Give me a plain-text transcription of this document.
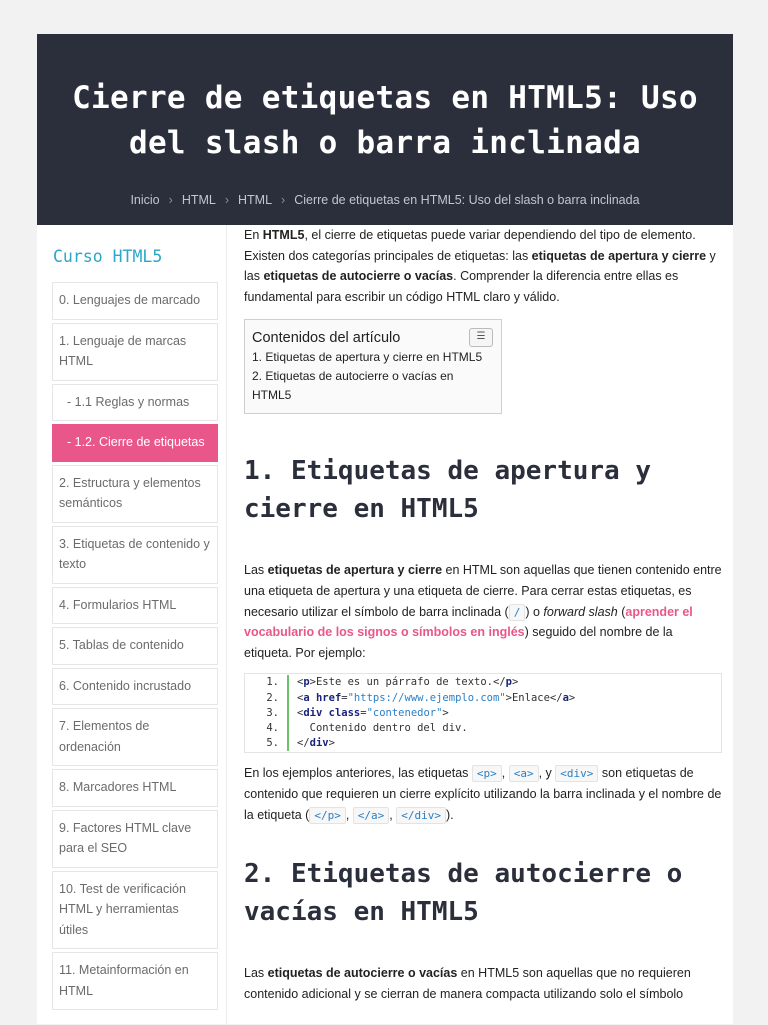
Cierre de etiquetas en HTML5: Uso del slash o barra inclinada
Inicio › HTML › HTML › Cierre de etiquetas en HTML5: Uso del slash o barra inclinada
Curso HTML5
0. Lenguajes de marcado
1. Lenguaje de marcas HTML
- 1.1 Reglas y normas
- 1.2. Cierre de etiquetas
2. Estructura y elementos semánticos
3. Etiquetas de contenido y texto
4. Formularios HTML
5. Tablas de contenido
6. Contenido incrustado
7. Elementos de ordenación
8. Marcadores HTML
9. Factores HTML clave para el SEO
10. Test de verificación HTML y herramientas útiles
11. Metainformación en HTML

En HTML5, el cierre de etiquetas puede variar dependiendo del tipo de elemento. Existen dos categorías principales de etiquetas: las etiquetas de apertura y cierre y las etiquetas de autocierre o vacías. Comprender la diferencia entre ellas es fundamental para escribir un código HTML claro y válido.

Contenidos del artículo	☰
1. Etiquetas de apertura y cierre en HTML5
2. Etiquetas de autocierre o vacías en HTML5
1. Etiquetas de apertura y cierre en HTML5

Las etiquetas de apertura y cierre en HTML son aquellas que tienen contenido entre una etiqueta de apertura y una etiqueta de cierre. Para cerrar estas etiquetas, es necesario utilizar el símbolo de barra inclinada ( / ) o forward slash (aprender el vocabulario de los signos o símbolos en inglés) seguido del nombre de la etiqueta. Por ejemplo:

1.	<p>Este es un párrafo de texto.</p>
2.	<a href="https://www.ejemplo.com">Enlace</a>
3.	<div class="contenedor">
4.	Contenido dentro del div.
5.	</div>

En los ejemplos anteriores, las etiquetas <p> , <a> , y <div> son etiquetas de contenido que requieren un cierre explícito utilizando la barra inclinada y el nombre de la etiqueta ( </p> , </a> , </div> ).

2. Etiquetas de autocierre o vacías en HTML5

Las etiquetas de autocierre o vacías en HTML5 son aquellas que no requieren contenido adicional y se cierran de manera compacta utilizando solo el símbolo
